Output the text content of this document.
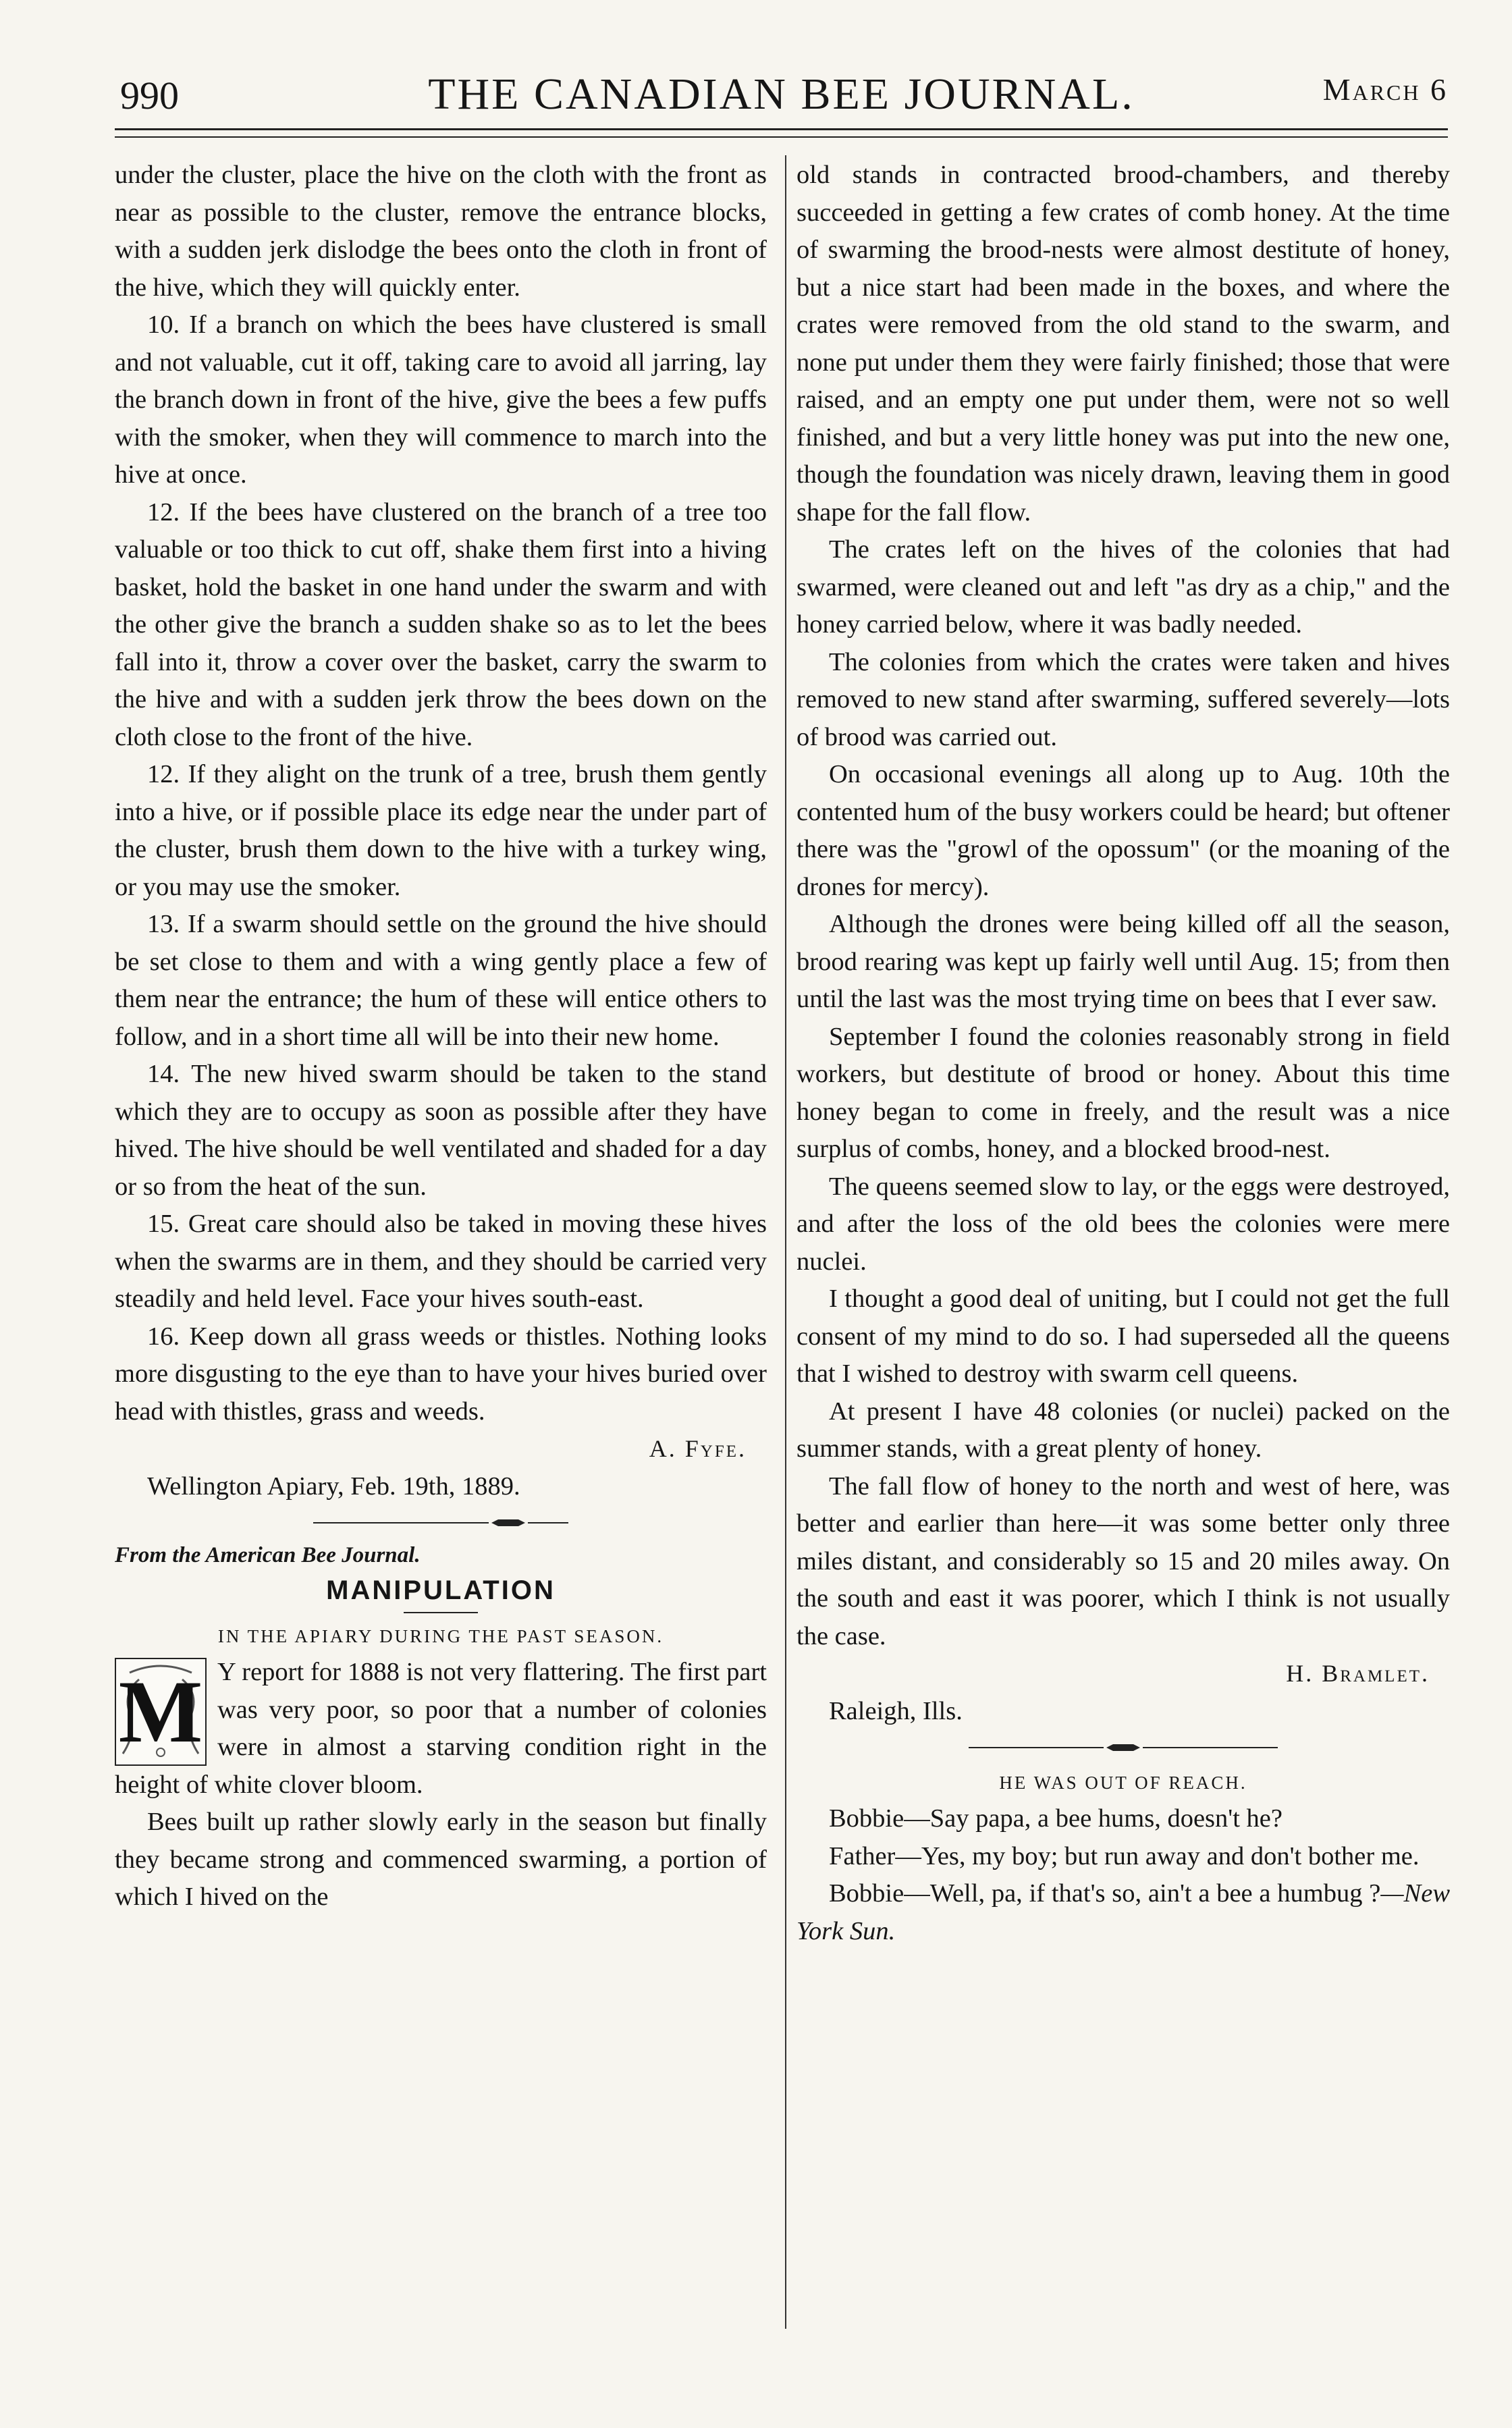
990	THE CANADIAN BEE JOURNAL.	March 6

under the cluster, place the hive on the cloth with the front as near as possible to the cluster, remove the entrance blocks, with a sudden jerk dislodge the bees onto the cloth in front of the hive, which they will quickly enter.

10. If a branch on which the bees have clustered is small and not valuable, cut it off, taking care to avoid all jarring, lay the branch down in front of the hive, give the bees a few puffs with the smoker, when they will commence to march into the hive at once.

12. If the bees have clustered on the branch of a tree too valuable or too thick to cut off, shake them first into a hiving basket, hold the basket in one hand under the swarm and with the other give the branch a sudden shake so as to let the bees fall into it, throw a cover over the basket, carry the swarm to the hive and with a sudden jerk throw the bees down on the cloth close to the front of the hive.

12. If they alight on the trunk of a tree, brush them gently into a hive, or if possible place its edge near the under part of the cluster, brush them down to the hive with a turkey wing, or you may use the smoker.

13. If a swarm should settle on the ground the hive should be set close to them and with a wing gently place a few of them near the entrance; the hum of these will entice others to follow, and in a short time all will be into their new home.

14. The new hived swarm should be taken to the stand which they are to occupy as soon as possible after they have hived. The hive should be well ventilated and shaded for a day or so from the heat of the sun.

15. Great care should also be taked in moving these hives when the swarms are in them, and they should be carried very steadily and held level. Face your hives south-east.

16. Keep down all grass weeds or thistles. Nothing looks more disgusting to the eye than to have your hives buried over head with thistles, grass and weeds.

A. Fyfe.
Wellington Apiary, Feb. 19th, 1889.
From the American Bee Journal.
MANIPULATION
IN THE APIARY DURING THE PAST SEASON.

M Y report for 1888 is not very flattering. The first part was very poor, so poor that a number of colonies were in almost a starving condition right in the height of white clover bloom.

Bees built up rather slowly early in the season but finally they became strong and commenced swarming, a portion of which I hived on the

old stands in contracted brood-chambers, and thereby succeeded in getting a few crates of comb honey. At the time of swarming the brood-nests were almost destitute of honey, but a nice start had been made in the boxes, and where the crates were removed from the old stand to the swarm, and none put under them they were fairly finished; those that were raised, and an empty one put under them, were not so well finished, and but a very little honey was put into the new one, though the foundation was nicely drawn, leaving them in good shape for the fall flow.

The crates left on the hives of the colonies that had swarmed, were cleaned out and left "as dry as a chip," and the honey carried below, where it was badly needed.

The colonies from which the crates were taken and hives removed to new stand after swarming, suffered severely—lots of brood was carried out.

On occasional evenings all along up to Aug. 10th the contented hum of the busy workers could be heard; but oftener there was the "growl of the opossum" (or the moaning of the drones for mercy).

Although the drones were being killed off all the season, brood rearing was kept up fairly well until Aug. 15; from then until the last was the most trying time on bees that I ever saw.

September I found the colonies reasonably strong in field workers, but destitute of brood or honey. About this time honey began to come in freely, and the result was a nice surplus of combs, honey, and a blocked brood-nest.

The queens seemed slow to lay, or the eggs were destroyed, and after the loss of the old bees the colonies were mere nuclei.

I thought a good deal of uniting, but I could not get the full consent of my mind to do so. I had superseded all the queens that I wished to destroy with swarm cell queens.

At present I have 48 colonies (or nuclei) packed on the summer stands, with a great plenty of honey.

The fall flow of honey to the north and west of here, was better and earlier than here—it was some better only three miles distant, and considerably so 15 and 20 miles away. On the south and east it was poorer, which I think is not usually the case.

H. Bramlet.
Raleigh, Ills.
HE WAS OUT OF REACH.

Bobbie—Say papa, a bee hums, doesn't he?

Father—Yes, my boy; but run away and don't bother me.

Bobbie—Well, pa, if that's so, ain't a bee a humbug ?—New York Sun.
